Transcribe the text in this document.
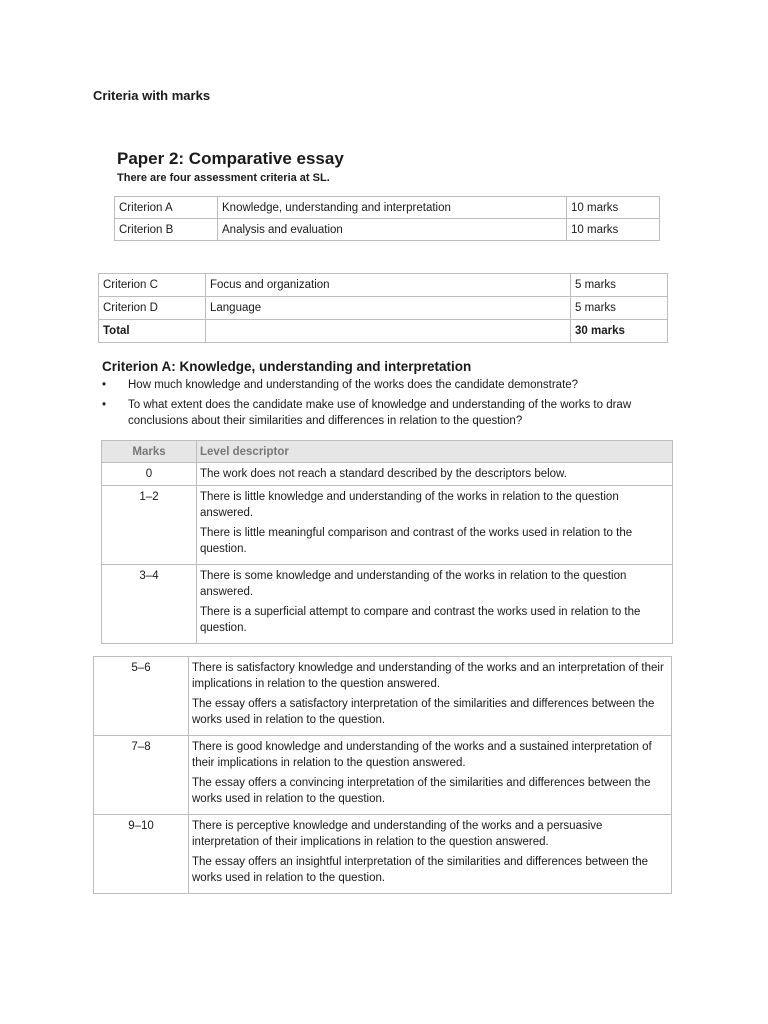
Criteria with marks
Paper 2: Comparative essay
There are four assessment criteria at SL.
Criterion A	Knowledge, understanding and interpretation	10 marks
Criterion B	Analysis and evaluation	10 marks
Criterion C	Focus and organization	5 marks
Criterion D	Language	5 marks
Total		30 marks
Criterion A: Knowledge, understanding and interpretation
• How much knowledge and understanding of the works does the candidate demonstrate?
• To what extent does the candidate make use of knowledge and understanding of the works to draw conclusions about their similarities and differences in relation to the question?
Marks	Level descriptor
0	The work does not reach a standard described by the descriptors below.

1–2	There is little knowledge and understanding of the works in relation to the question answered.

There is little meaningful comparison and contrast of the works used in relation to the question.

3–4	There is some knowledge and understanding of the works in relation to the question answered.

There is a superficial attempt to compare and contrast the works used in relation to the question.

5–6	There is satisfactory knowledge and understanding of the works and an interpretation of their implications in relation to the question answered.

The essay offers a satisfactory interpretation of the similarities and differences between the works used in relation to the question.

7–8	There is good knowledge and understanding of the works and a sustained interpretation of their implications in relation to the question answered.

The essay offers a convincing interpretation of the similarities and differences between the works used in relation to the question.

9–10	There is perceptive knowledge and understanding of the works and a persuasive interpretation of their implications in relation to the question answered.

The essay offers an insightful interpretation of the similarities and differences between the works used in relation to the question.
